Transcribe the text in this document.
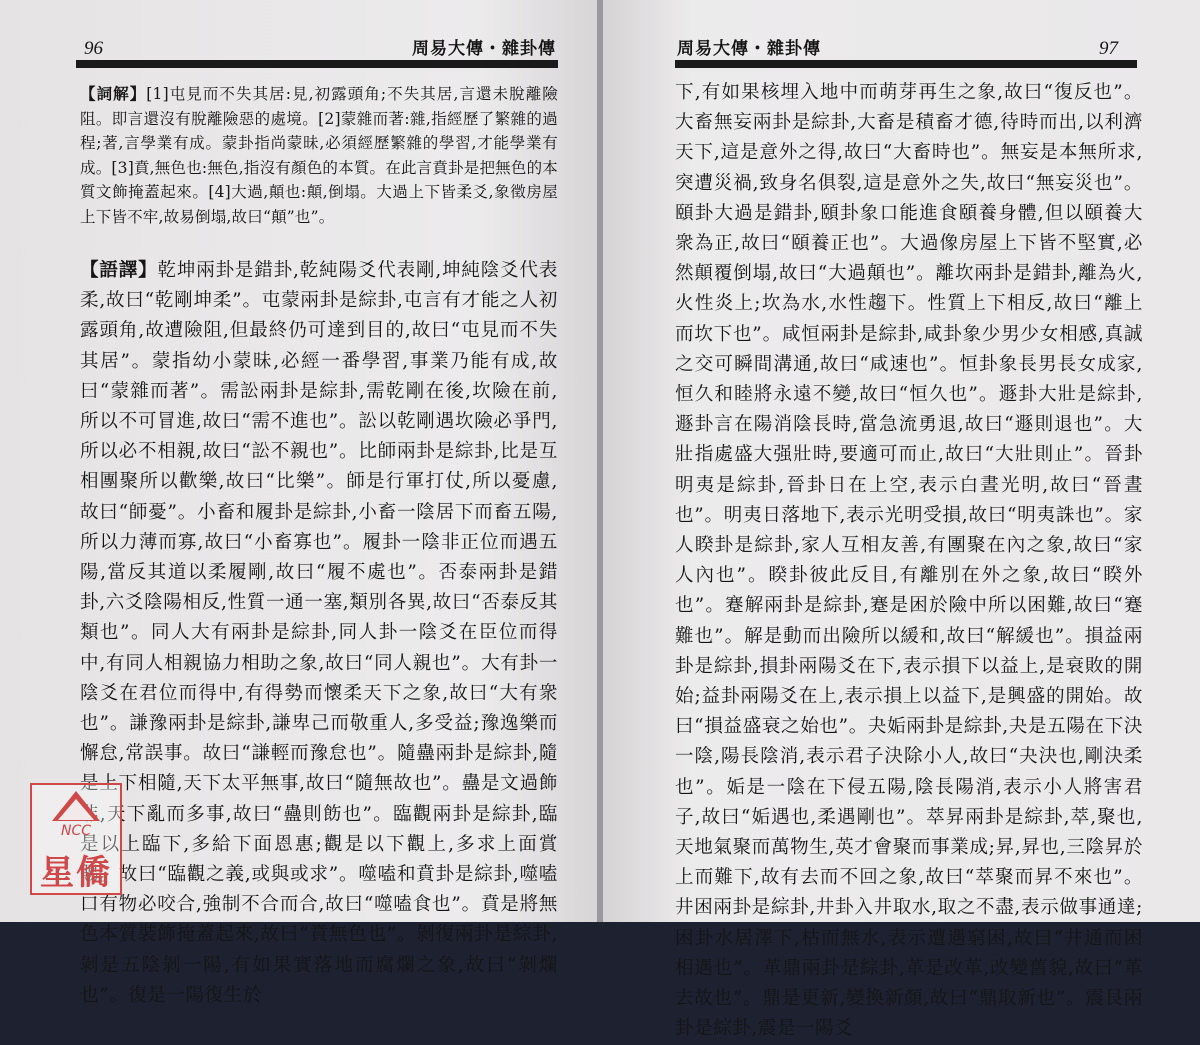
96	周易大傳・雜卦傳
【詞解】[1]屯見而不失其居:見,初露頭角;不失其居,言還未脫離險阻。即言還沒有脫離險惡的處境。[2]蒙雜而著:雜,指經歷了繁雜的過程;著,言學業有成。蒙卦指尚蒙昧,必須經歷繁雜的學習,才能學業有成。[3]賁,無色也:無色,指沒有顏色的本質。在此言賁卦是把無色的本質文飾掩蓋起來。[4]大過,顛也:顛,倒塌。大過上下皆柔爻,象徵房屋上下皆不牢,故易倒塌,故曰“顛”也”。
【語譯】乾坤兩卦是錯卦,乾純陽爻代表剛,坤純陰爻代表柔,故曰“乾剛坤柔”。屯蒙兩卦是綜卦,屯言有才能之人初露頭角,故遭險阻,但最終仍可達到目的,故曰“屯見而不失其居”。蒙指幼小蒙昧,必經一番學習,事業乃能有成,故曰“蒙雜而著”。需訟兩卦是綜卦,需乾剛在後,坎險在前,所以不可冒進,故曰“需不進也”。訟以乾剛遇坎險必爭門,所以必不相親,故曰“訟不親也”。比師兩卦是綜卦,比是互相團聚所以歡樂,故曰“比樂”。師是行軍打仗,所以憂慮,故曰“師憂”。小畜和履卦是綜卦,小畜一陰居下而畜五陽,所以力薄而寡,故曰“小畜寡也”。履卦一陰非正位而遇五陽,當反其道以柔履剛,故曰“履不處也”。否泰兩卦是錯卦,六爻陰陽相反,性質一通一塞,類別各異,故曰“否泰反其類也”。同人大有兩卦是綜卦,同人卦一陰爻在臣位而得中,有同人相親協力相助之象,故曰“同人親也”。大有卦一陰爻在君位而得中,有得勢而懷柔天下之象,故曰“大有衆也”。謙豫兩卦是綜卦,謙卑己而敬重人,多受益;豫逸樂而懈怠,常誤事。故曰“謙輕而豫怠也”。隨蠱兩卦是綜卦,隨是上下相隨,天下太平無事,故曰“隨無故也”。蠱是文過飾非,天下亂而多事,故曰“蠱則飭也”。臨觀兩卦是綜卦,臨是以上臨下,多給下面恩惠;觀是以下觀上,多求上面賞賜。故曰“臨觀之義,或與或求”。噬嗑和賁卦是綜卦,噬嗑口有物必咬合,強制不合而合,故曰“噬嗑食也”。賁是將無色本質裝飾掩蓋起來,故曰“賁無色也”。剝復兩卦是綜卦,剝是五陰剝一陽,有如果實落地而腐爛之象,故曰“剝爛也”。復是一陽復生於
NCC
星僑
周易大傳・雜卦傳	97
下,有如果核埋入地中而萌芽再生之象,故曰“復反也”。大畜無妄兩卦是綜卦,大畜是積畜才德,待時而出,以利濟天下,這是意外之得,故曰“大畜時也”。無妄是本無所求,突遭災禍,致身名俱裂,這是意外之失,故曰“無妄災也”。頤卦大過是錯卦,頤卦象口能進食頤養身體,但以頤養大衆為正,故曰“頤養正也”。大過像房屋上下皆不堅實,必然顛覆倒塌,故曰“大過顛也”。離坎兩卦是錯卦,離為火,火性炎上;坎為水,水性趨下。性質上下相反,故曰“離上而坎下也”。咸恒兩卦是綜卦,咸卦象少男少女相感,真誠之交可瞬間溝通,故曰“咸速也”。恒卦象長男長女成家,恒久和睦將永遠不變,故曰“恒久也”。遯卦大壯是綜卦,遯卦言在陽消陰長時,當急流勇退,故曰“遯則退也”。大壯指處盛大强壯時,要適可而止,故曰“大壯則止”。晉卦明夷是綜卦,晉卦日在上空,表示白晝光明,故曰“晉晝也”。明夷日落地下,表示光明受損,故曰“明夷誅也”。家人睽卦是綜卦,家人互相友善,有團聚在內之象,故曰“家人內也”。睽卦彼此反目,有離別在外之象,故曰“睽外也”。蹇解兩卦是綜卦,蹇是困於險中所以困難,故曰“蹇難也”。解是動而出險所以緩和,故曰“解緩也”。損益兩卦是綜卦,損卦兩陽爻在下,表示損下以益上,是衰敗的開始;益卦兩陽爻在上,表示損上以益下,是興盛的開始。故曰“損益盛衰之始也”。夬姤兩卦是綜卦,夬是五陽在下決一陰,陽長陰消,表示君子決除小人,故曰“夬決也,剛決柔也”。姤是一陰在下侵五陽,陰長陽消,表示小人將害君子,故曰“姤遇也,柔遇剛也”。萃昇兩卦是綜卦,萃,聚也,天地氣聚而萬物生,英才會聚而事業成;昇,昇也,三陰昇於上而難下,故有去而不回之象,故曰“萃聚而昇不來也”。井困兩卦是綜卦,井卦入井取水,取之不盡,表示做事通達;困卦水居澤下,枯而無水,表示遭遇窮困,故曰“井通而困相遇也”。革鼎兩卦是綜卦,革是改革,改變舊貌,故曰“革去故也”。鼎是更新,變換新顏,故曰“鼎取新也”。震艮兩卦是綜卦,震是一陽爻
